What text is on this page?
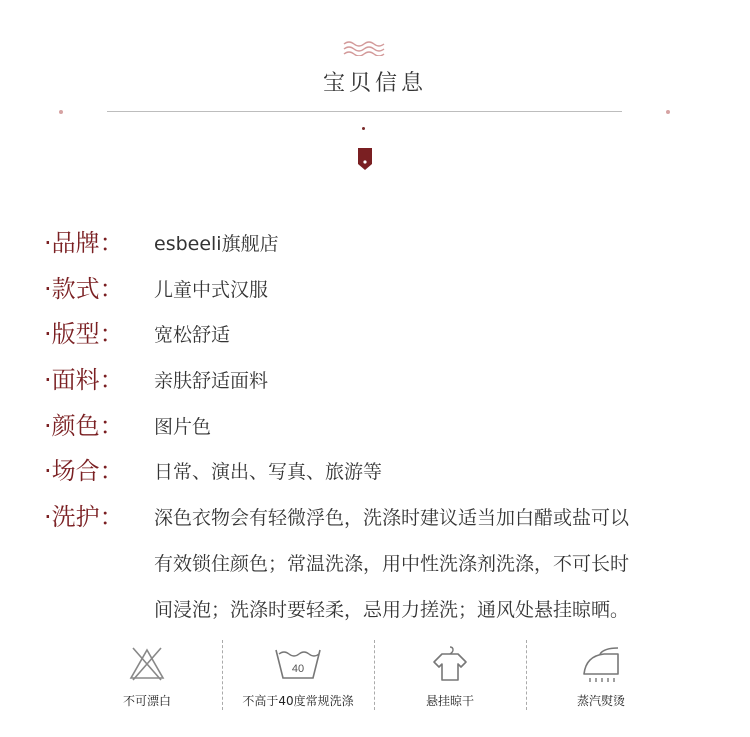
宝贝信息
·品牌： esbeeli旗舰店
·款式： 儿童中式汉服
·版型： 宽松舒适
·面料： 亲肤舒适面料
·颜色： 图片色
·场合： 日常、演出、写真、旅游等
·洗护： 深色衣物会有轻微浮色，洗涤时建议适当加白醋或盐可以
有效锁住颜色；常温洗涤，用中性洗涤剂洗涤，不可长时
间浸泡；洗涤时要轻柔，忌用力搓洗；通风处悬挂晾晒。
不可漂白
40
不高于40度常规洗涤	悬挂晾干	蒸汽熨烫
